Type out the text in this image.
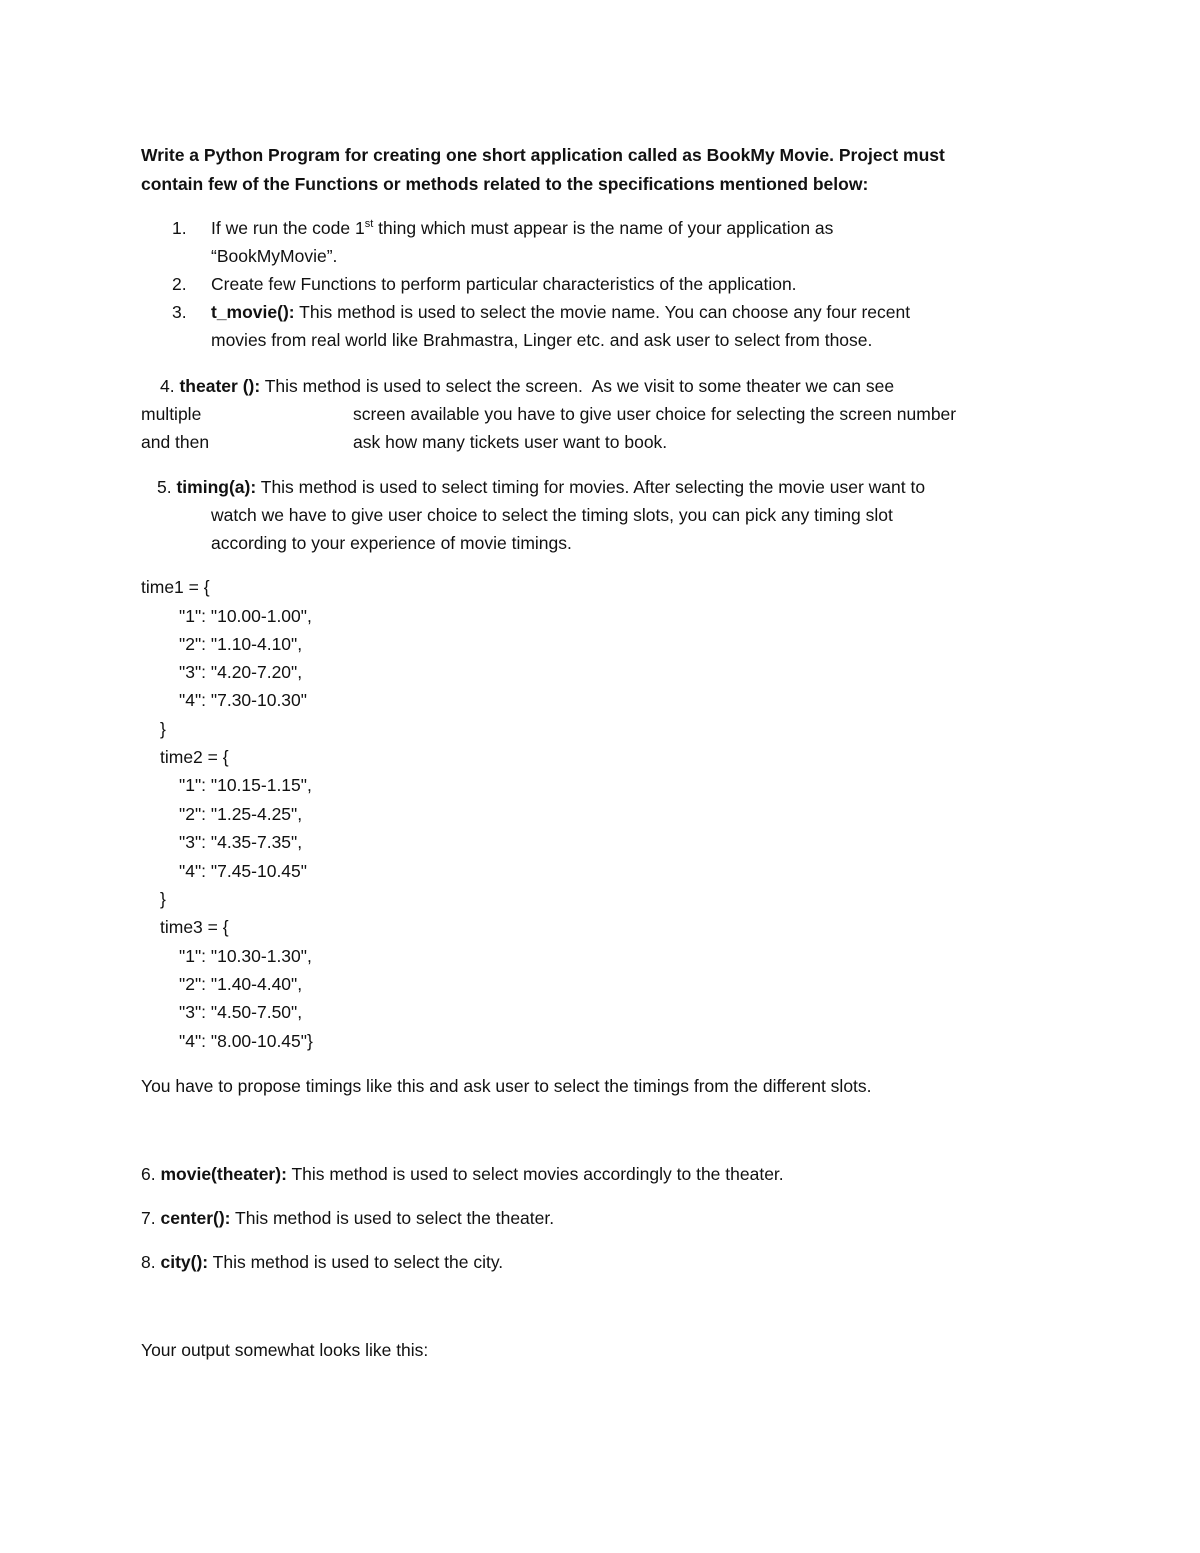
Write a Python Program for creating one short application called as BookMy Movie. Project must
contain few of the Functions or methods related to the specifications mentioned below:
1. If we run the code 1st thing which must appear is the name of your application as
“BookMyMovie”.
2. Create few Functions to perform particular characteristics of the application.
3. t_movie(): This method is used to select the movie name. You can choose any four recent
movies from real world like Brahmastra, Linger etc. and ask user to select from those.
4. theater (): This method is used to select the screen.  As we visit to some theater we can see
multiple	screen available you have to give user choice for selecting the screen number
and then	ask how many tickets user want to book.
5. timing(a): This method is used to select timing for movies. After selecting the movie user want to
watch we have to give user choice to select the timing slots, you can pick any timing slot
according to your experience of movie timings.
time1 = {
"1": "10.00-1.00",
"2": "1.10-4.10",
"3": "4.20-7.20",
"4": "7.30-10.30"
}
time2 = {
"1": "10.15-1.15",
"2": "1.25-4.25",
"3": "4.35-7.35",
"4": "7.45-10.45"
}
time3 = {
"1": "10.30-1.30",
"2": "1.40-4.40",
"3": "4.50-7.50",
"4": "8.00-10.45"}
You have to propose timings like this and ask user to select the timings from the different slots.
6. movie(theater): This method is used to select movies accordingly to the theater.
7. center(): This method is used to select the theater.
8. city(): This method is used to select the city.
Your output somewhat looks like this:
